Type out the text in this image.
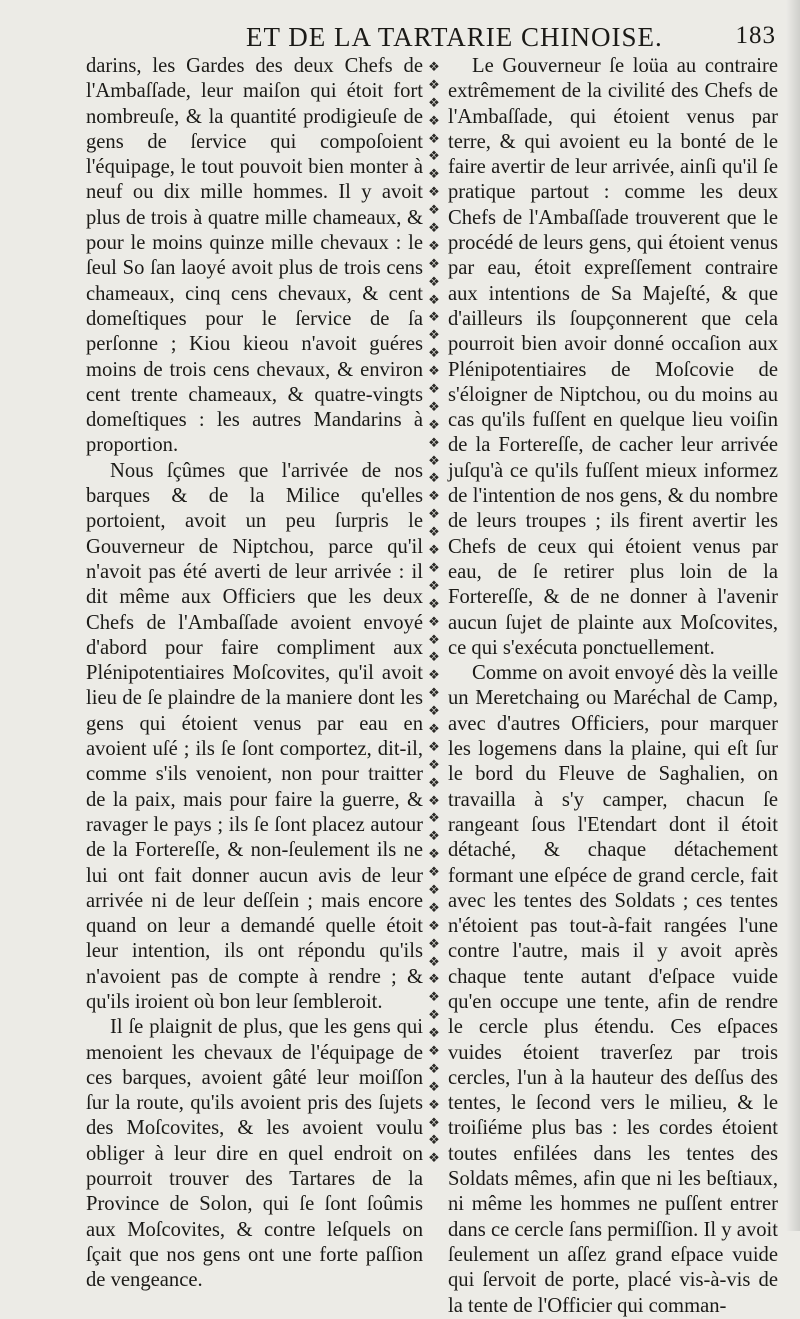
ET DE LA TARTARIE CHINOISE.	183

darins, les Gardes des deux Chefs de l'Ambaſſade, leur maiſon qui étoit fort nombreuſe, & la quantité prodigieuſe de gens de ſervice qui compoſoient l'équipage, le tout pouvoit bien monter à neuf ou dix mille hommes. Il y avoit plus de trois à quatre mille chameaux, & pour le moins quinze mille chevaux : le ſeul So ſan laoyé avoit plus de trois cens chameaux, cinq cens chevaux, & cent domeſtiques pour le ſervice de ſa perſonne ; Kiou kieou n'avoit guéres moins de trois cens chevaux, & environ cent trente chameaux, & quatre-vingts domeſtiques : les autres Mandarins à proportion.

Nous ſçûmes que l'arrivée de nos barques & de la Milice qu'elles portoient, avoit un peu ſurpris le Gouverneur de Niptchou, parce qu'il n'avoit pas été averti de leur arrivée : il dit même aux Officiers que les deux Chefs de l'Ambaſſade avoient envoyé d'abord pour faire compliment aux Plénipotentiaires Moſcovites, qu'il avoit lieu de ſe plaindre de la maniere dont les gens qui étoient venus par eau en avoient uſé ; ils ſe ſont comportez, dit-il, comme s'ils venoient, non pour traitter de la paix, mais pour faire la guerre, & ravager le pays ; ils ſe ſont placez autour de la Fortereſſe, & non-ſeulement ils ne lui ont fait donner aucun avis de leur arrivée ni de leur deſſein ; mais encore quand on leur a demandé quelle étoit leur intention, ils ont répondu qu'ils n'avoient pas de compte à rendre ; & qu'ils iroient où bon leur ſembleroit.

Il ſe plaignit de plus, que les gens qui menoient les chevaux de l'équipage de ces barques, avoient gâté leur moiſſon ſur la route, qu'ils avoient pris des ſujets des Moſcovites, & les avoient voulu obliger à leur dire en quel endroit on pourroit trouver des Tartares de la Province de Solon, qui ſe ſont ſoûmis aux Moſcovites, & contre leſquels on ſçait que nos gens ont une forte paſſion de vengeance.

❖
❖
❖
❖
❖
❖
❖
❖
❖
❖
❖
❖
❖
❖
❖
❖
❖
❖
❖
❖
❖
❖
❖
❖
❖
❖
❖
❖
❖
❖
❖
❖
❖
❖
❖
❖
❖
❖
❖
❖
❖
❖
❖
❖
❖
❖
❖
❖
❖
❖
❖
❖
❖
❖
❖
❖
❖
❖
❖
❖
❖
❖

Le Gouverneur ſe loüa au contraire extrêmement de la civilité des Chefs de l'Ambaſſade, qui étoient venus par terre, & qui avoient eu la bonté de le faire avertir de leur arrivée, ainſi qu'il ſe pratique partout : comme les deux Chefs de l'Ambaſſade trouverent que le procédé de leurs gens, qui étoient venus par eau, étoit expreſſement contraire aux intentions de Sa Majeſté, & que d'ailleurs ils ſoupçonnerent que cela pourroit bien avoir donné occaſion aux Plénipotentiaires de Moſcovie de s'éloigner de Niptchou, ou du moins au cas qu'ils fuſſent en quelque lieu voiſin de la Fortereſſe, de cacher leur arrivée juſqu'à ce qu'ils fuſſent mieux informez de l'intention de nos gens, & du nombre de leurs troupes ; ils firent avertir les Chefs de ceux qui étoient venus par eau, de ſe retirer plus loin de la Fortereſſe, & de ne donner à l'avenir aucun ſujet de plainte aux Moſcovites, ce qui s'exécuta ponctuellement.

Comme on avoit envoyé dès la veille un Meretchaing ou Maréchal de Camp, avec d'autres Officiers, pour marquer les logemens dans la plaine, qui eſt ſur le bord du Fleuve de Saghalien, on travailla à s'y camper, chacun ſe rangeant ſous l'Etendart dont il étoit détaché, & chaque détachement formant une eſpéce de grand cercle, fait avec les tentes des Soldats ; ces tentes n'étoient pas tout-à-fait rangées l'une contre l'autre, mais il y avoit après chaque tente autant d'eſpace vuide qu'en occupe une tente, afin de rendre le cercle plus étendu. Ces eſpaces vuides étoient traverſez par trois cercles, l'un à la hauteur des deſſus des tentes, le ſecond vers le milieu, & le troiſiéme plus bas : les cordes étoient toutes enfilées dans les tentes des Soldats mêmes, afin que ni les beſtiaux, ni même les hommes ne puſſent entrer dans ce cercle ſans permiſſion. Il y avoit ſeulement un aſſez grand eſpace vuide qui ſervoit de porte, placé vis-à-vis de la tente de l'Officier qui comman-
